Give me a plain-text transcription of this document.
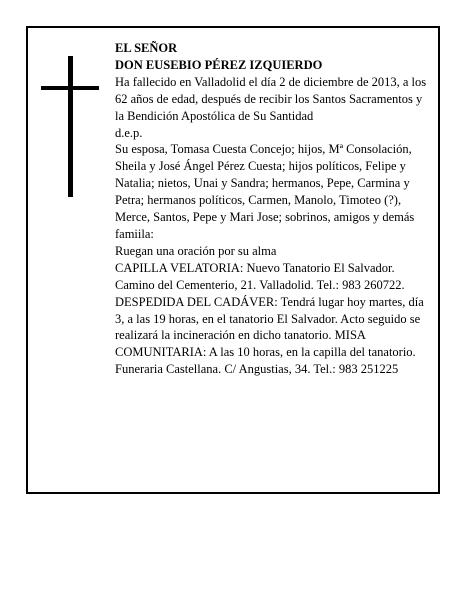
EL SEÑOR

DON EUSEBIO PÉREZ IZQUIERDO

Ha fallecido en Valladolid el día 2 de diciembre de 2013, a los 62 años de edad, después de recibir los Santos Sacramentos y la Bendición Apostólica de Su Santidad

d.e.p.

Su esposa, Tomasa Cuesta Concejo; hijos, Mª Consolación, Sheila y José Ángel Pérez Cuesta; hijos políticos, Felipe y Natalia; nietos, Unai y Sandra; hermanos, Pepe, Carmina y Petra; hermanos políticos, Carmen, Manolo, Timoteo (?), Merce, Santos, Pepe y Mari Jose; sobrinos, amigos y demás famiila:

Ruegan una oración por su alma

CAPILLA VELATORIA: Nuevo Tanatorio El Salvador. Camino del Cementerio, 21. Valladolid. Tel.: 983 260722.

DESPEDIDA DEL CADÁVER: Tendrá lugar hoy martes, día 3, a las 19 horas, en el tanatorio El Salvador. Acto seguido se realizará la incineración en dicho tanatorio. MISA COMUNITARIA: A las 10 horas, en la capilla del tanatorio.

Funeraria Castellana. C/ Angustias, 34. Tel.: 983 251225
